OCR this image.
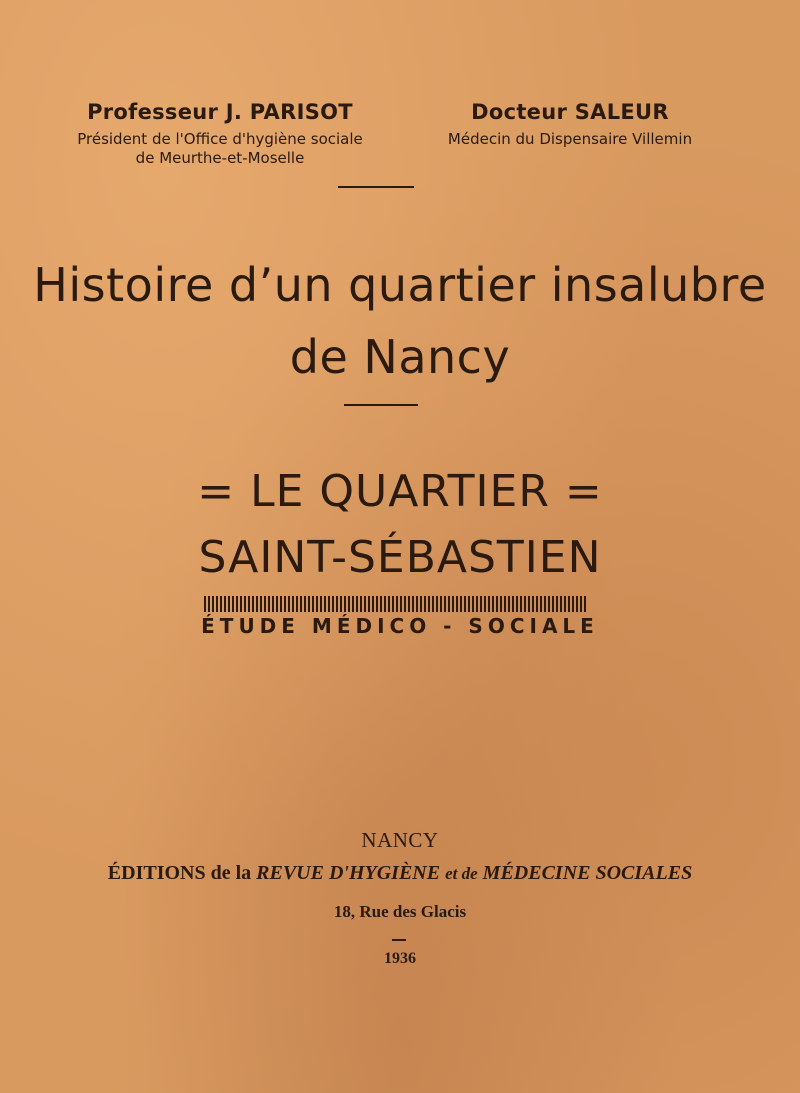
Professeur J. PARISOT
Président de l'Office d'hygiène sociale
de Meurthe-et-Moselle
Docteur SALEUR
Médecin du Dispensaire Villemin
Histoire d’un quartier insalubre
de Nancy
= LE QUARTIER =
SAINT-SÉBASTIEN
ÉTUDE MÉDICO - SOCIALE
NANCY
ÉDITIONS de la REVUE D'HYGIÈNE et de MÉDECINE SOCIALES
18, Rue des Glacis
1936
